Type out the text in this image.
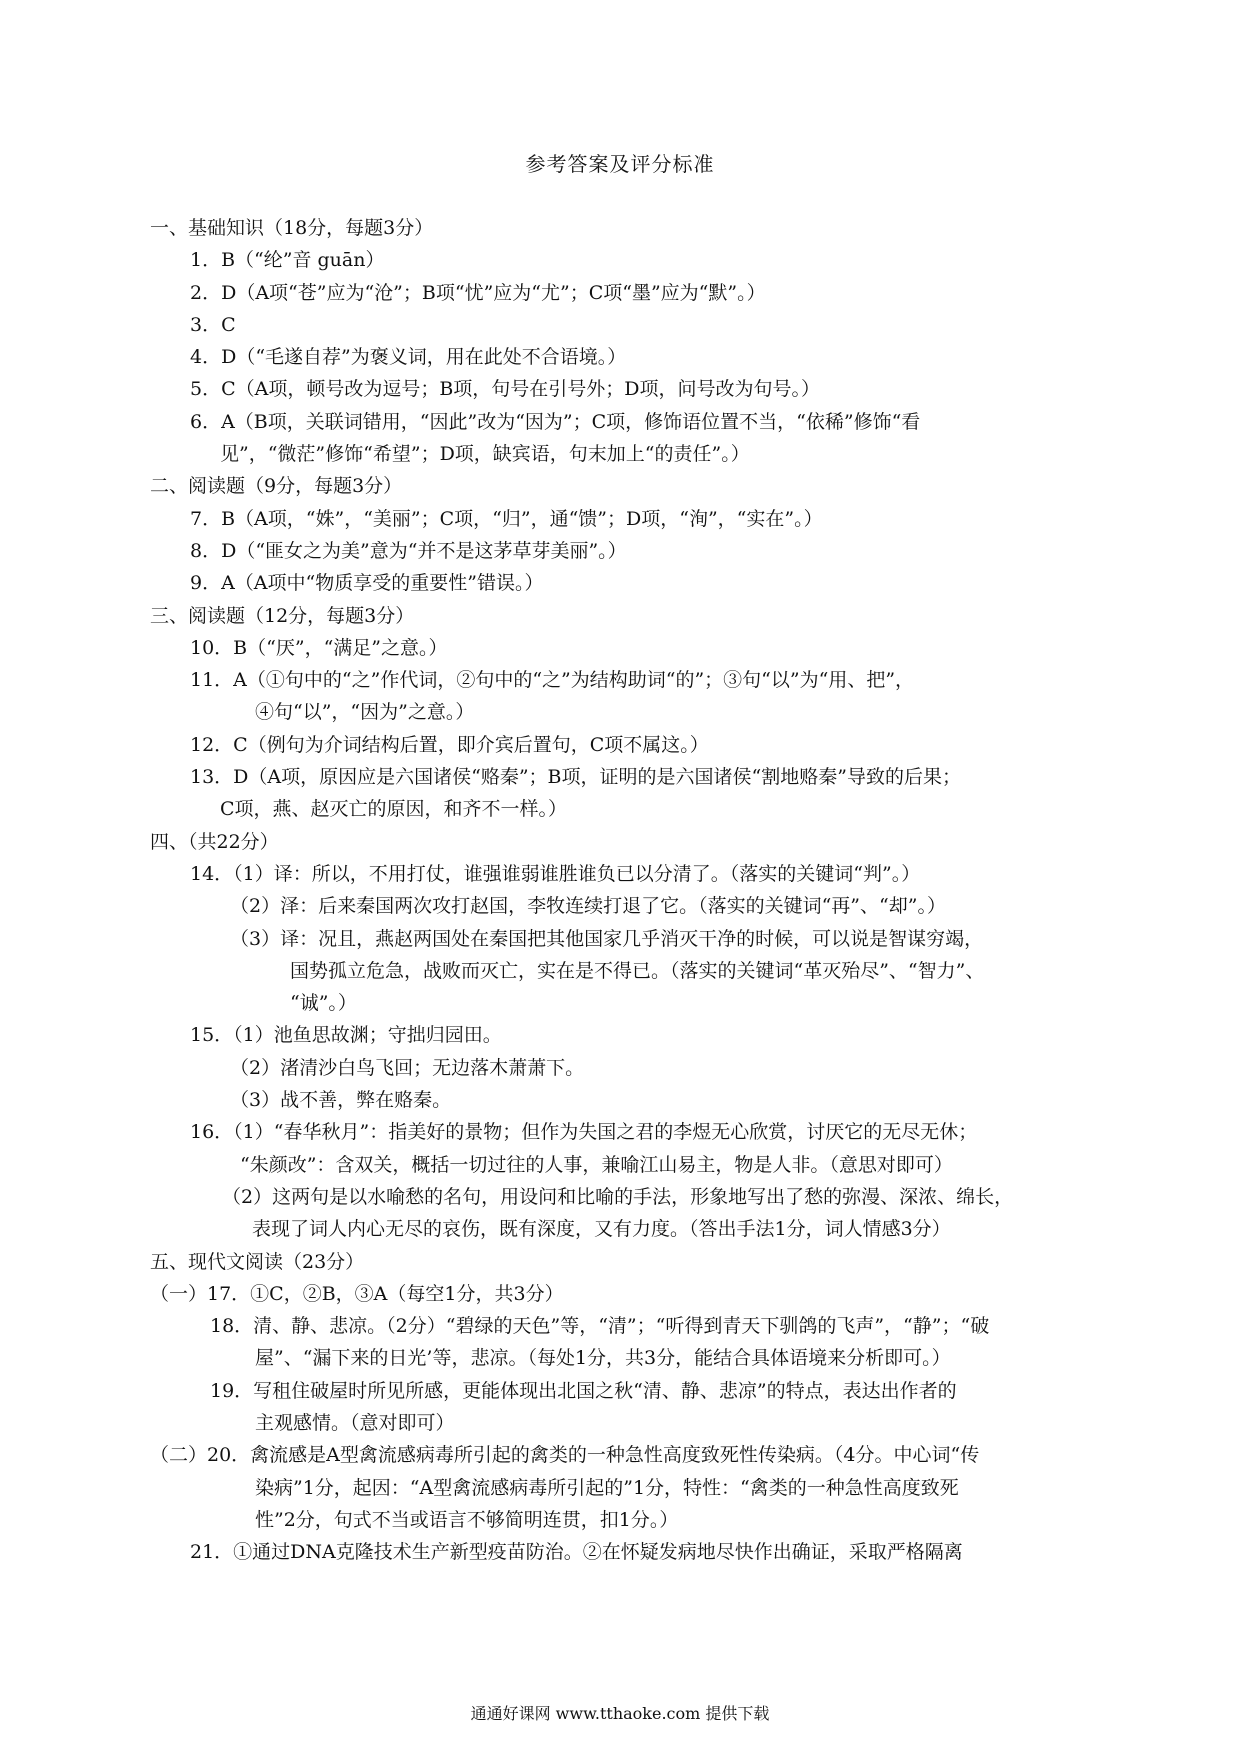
参考答案及评分标准
一、基础知识（18分，每题3分）
1．B（“纶”音 guān）
2．D（A项“苍”应为“沧”；B项“忧”应为“尤”；C项“墨”应为“默”。）
3．C
4．D（“毛遂自荐”为褒义词，用在此处不合语境。）
5．C（A项，顿号改为逗号；B项，句号在引号外；D项，问号改为句号。）
6．A（B项，关联词错用，“因此”改为“因为”；C项，修饰语位置不当，“依稀”修饰“看
见”，“微茫”修饰“希望”；D项，缺宾语，句末加上“的责任”。）
二、阅读题（9分，每题3分）
7．B（A项，“姝”，“美丽”；C项，“归”，通“馈”；D项，“洵”，“实在”。）
8．D（“匪女之为美”意为“并不是这茅草芽美丽”。）
9．A（A项中“物质享受的重要性”错误。）
三、阅读题（12分，每题3分）
10．B（“厌”，“满足”之意。）
11．A（①句中的“之”作代词，②句中的“之”为结构助词“的”；③句“以”为“用、把”，
④句“以”，“因为”之意。）
12．C（例句为介词结构后置，即介宾后置句，C项不属这。）
13．D（A项，原因应是六国诸侯“赂秦”；B项，证明的是六国诸侯“割地赂秦”导致的后果；
C项，燕、赵灭亡的原因，和齐不一样。）
四、（共22分）
14．（1）译：所以，不用打仗，谁强谁弱谁胜谁负已以分清了。（落实的关键词“判”。）
（2）泽：后来秦国两次攻打赵国，李牧连续打退了它。（落实的关键词“再”、“却”。）
（3）译：况且，燕赵两国处在秦国把其他国家几乎消灭干净的时候，可以说是智谋穷竭，
国势孤立危急，战败而灭亡，实在是不得已。（落实的关键词“革灭殆尽”、“智力”、
“诚”。）
15．（1）池鱼思故渊；守拙归园田。
（2）渚清沙白鸟飞回；无边落木萧萧下。
（3）战不善，弊在赂秦。
16．（1）“春华秋月”：指美好的景物；但作为失国之君的李煜无心欣赏，讨厌它的无尽无休；
“朱颜改”：含双关，概括一切过往的人事，兼喻江山易主，物是人非。（意思对即可）
（2）这两句是以水喻愁的名句，用设问和比喻的手法，形象地写出了愁的弥漫、深浓、绵长，
表现了词人内心无尽的哀伤，既有深度，又有力度。（答出手法1分，词人情感3分）
五、现代文阅读（23分）
（一）17．①C，②B，③A（每空1分，共3分）
18．清、静、悲凉。（2分）“碧绿的天色”等，“清”；“听得到青天下驯鸽的飞声”，“静”；“破
屋”、“漏下来的日光’等，悲凉。（每处1分，共3分，能结合具体语境来分析即可。）
19．写租住破屋时所见所感，更能体现出北国之秋“清、静、悲凉”的特点，表达出作者的
主观感情。（意对即可）
（二）20．禽流感是A型禽流感病毒所引起的禽类的一种急性高度致死性传染病。（4分。中心词“传
染病”1分，起因：“A型禽流感病毒所引起的”1分，特性：“禽类的一种急性高度致死
性”2分，句式不当或语言不够简明连贯，扣1分。）
21．①通过DNA克隆技术生产新型疫苗防治。②在怀疑发病地尽快作出确证，采取严格隔离
通通好课网 www.tthaoke.com 提供下载
